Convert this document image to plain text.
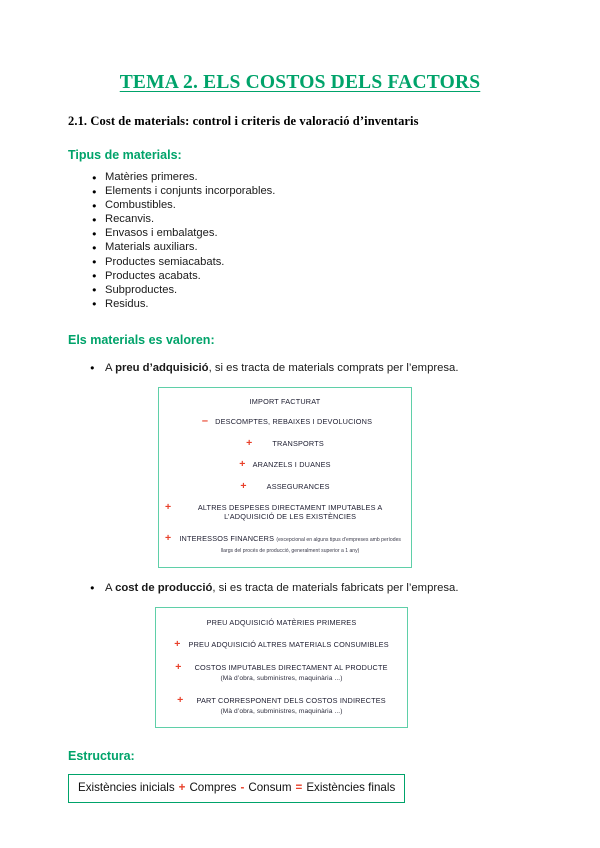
TEMA 2. ELS COSTOS DELS FACTORS
2.1. Cost de materials: control i criteris de valoració d’inventaris
Tipus de materials:
● Matèries primeres.
● Elements i conjunts incorporables.
● Combustibles.
● Recanvis.
● Envasos i embalatges.
● Materials auxiliars.
● Productes semiacabats.
● Productes acabats.
● Subproductes.
● Residus.
Els materials es valoren:
● A preu d’adquisició, si es tracta de materials comprats per l’empresa.
IMPORT FACTURAT
– DESCOMPTES, REBAIXES I DEVOLUCIONS
+	TRANSPORTS
+ ARANZELS I DUANES
+	ASSEGURANCES
+	ALTRES DESPESES DIRECTAMENT IMPUTABLES A L’ADQUISICIÓ DE LES EXISTÈNCIES
+	INTERESSOS FINANCERS (excepcional en alguns tipus d’empreses amb períodes llargs del procés de producció, generalment superior a 1 any)
● A cost de producció, si es tracta de materials fabricats per l’empresa.
PREU ADQUISICIÓ MATÈRIES PRIMERES
+ PREU ADQUISICIÓ ALTRES MATERIALS CONSUMIBLES
+ COSTOS IMPUTABLES DIRECTAMENT AL PRODUCTE
(Mà d’obra, subministres, maquinària ...)
+ PART CORRESPONENT DELS COSTOS INDIRECTES
(Mà d’obra, subministres, maquinària ...)
Estructura:
Existències inicials + Compres - Consum = Existències finals
